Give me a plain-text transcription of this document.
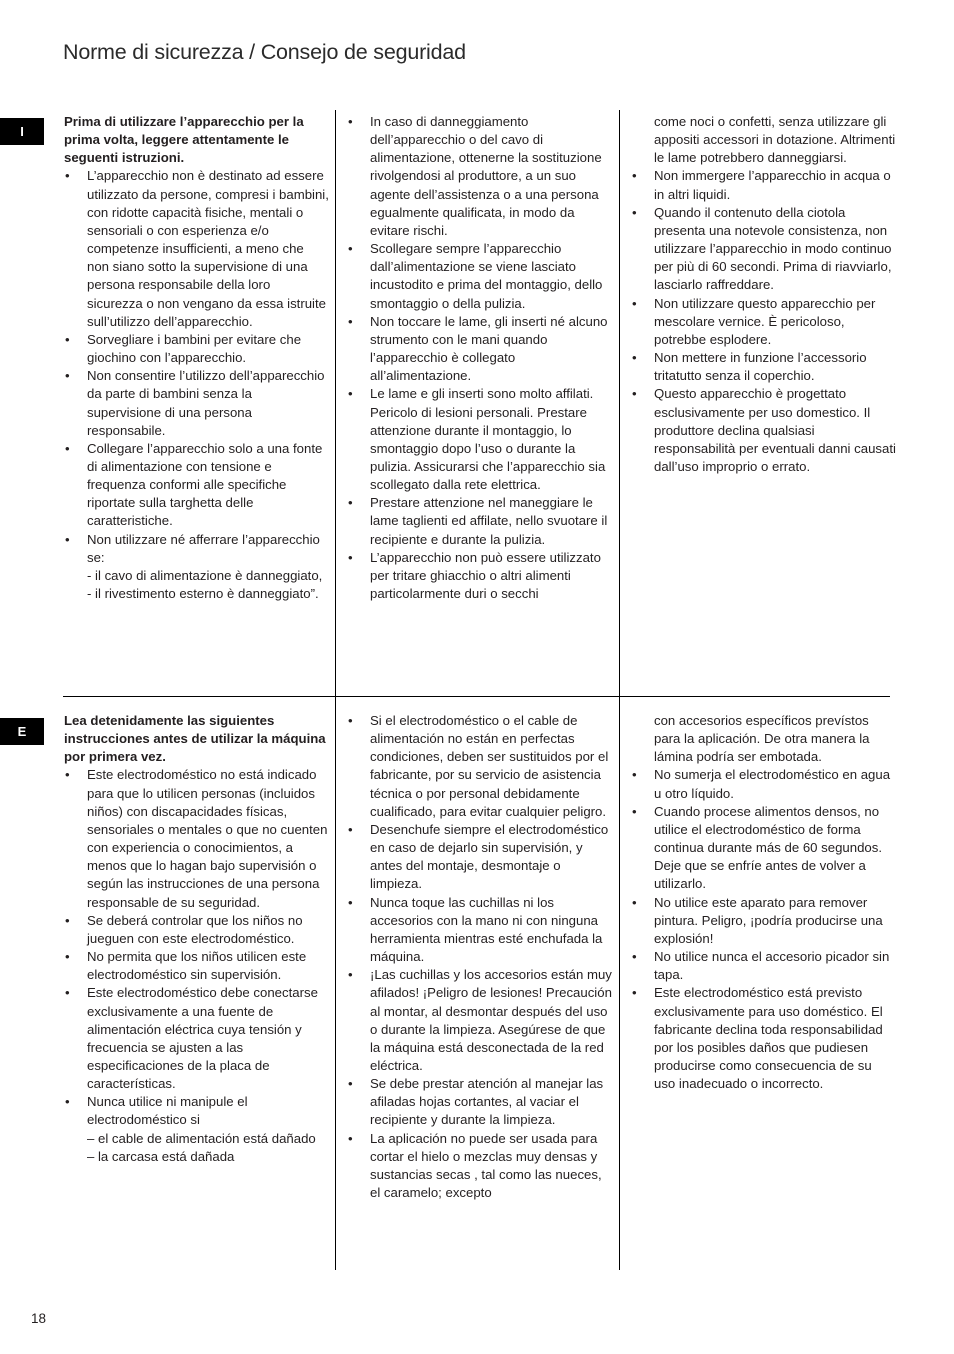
Norme di sicurezza / Consejo de seguridad
I
E

Prima di utilizzare l’apparecchio per la prima volta, leggere attentamente le seguenti istruzioni.

• L’apparecchio non è destinato ad essere utilizzato da persone, compresi i bambini, con ridotte capacità fisiche, mentali o sensoriali o con esperienza e/o competenze insufficienti, a meno che non siano sotto la supervisione di una persona responsabile della loro sicurezza o non vengano da essa istruite sull’utilizzo dell’apparecchio.
• Sorvegliare i bambini per evitare che giochino con l’apparecchio.
• Non consentire l’utilizzo dell’apparecchio da parte di bambini senza la supervisione di una persona responsabile.
• Collegare l’apparecchio solo a una fonte di alimentazione con tensione e frequenza conformi alle specifiche riportate sulla targhetta delle caratteristiche.
• Non utilizzare né afferrare l’apparecchio se:
- il cavo di alimentazione è danneggiato,
- il rivestimento esterno è danneggiato”.
• In caso di danneggiamento dell’apparecchio o del cavo di alimentazione, ottenerne la sostituzione rivolgendosi al produttore, a un suo agente dell’assistenza o a una persona egualmente qualificata, in modo da evitare rischi.
• Scollegare sempre l’apparecchio dall’alimentazione se viene lasciato incustodito e prima del montaggio, dello smontaggio o della pulizia.
• Non toccare le lame, gli inserti né alcuno strumento con le mani quando l’apparecchio è collegato all’alimentazione.
• Le lame e gli inserti sono molto affilati. Pericolo di lesioni personali. Prestare attenzione durante il montaggio, lo smontaggio dopo l’uso o durante la pulizia. Assicurarsi che l’apparecchio sia scollegato dalla rete elettrica.
• Prestare attenzione nel maneggiare le lame taglienti ed affilate, nello svuotare il recipiente e durante la pulizia.
• L’apparecchio non può essere utilizzato per tritare ghiacchio o altri alimenti particolarmente duri o secchi

come noci o confetti, senza utilizzare gli appositi accessori in dotazione. Altrimenti le lame potrebbero danneggiarsi.

• Non immergere l’apparecchio in acqua o in altri liquidi.
• Quando il contenuto della ciotola presenta una notevole consistenza, non utilizzare l’apparecchio in modo continuo per più di 60 secondi. Prima di riavviarlo, lasciarlo raffreddare.
• Non utilizzare questo apparecchio per mescolare vernice. È pericoloso, potrebbe esplodere.
• Non mettere in funzione l’accessorio tritatutto senza il coperchio.
• Questo apparecchio è progettato esclusivamente per uso domestico. Il produttore declina qualsiasi responsabilità per eventuali danni causati dall’uso improprio o errato.

Lea detenidamente las siguientes instrucciones antes de utilizar la máquina por primera vez.

• Este electrodoméstico no está indicado para que lo utilicen personas (incluidos niños) con discapacidades físicas, sensoriales o mentales o que no cuenten con experiencia o conocimientos, a menos que lo hagan bajo supervisión o según las instrucciones de una persona responsable de su seguridad.
• Se deberá controlar que los niños no jueguen con este electrodoméstico.
• No permita que los niños utilicen este electrodoméstico sin supervisión.
• Este electrodoméstico debe conectarse exclusivamente a una fuente de alimentación eléctrica cuya tensión y frecuencia se ajusten a las especificaciones de la placa de características.
• Nunca utilice ni manipule el electrodoméstico si
– el cable de alimentación está dañado
– la carcasa está dañada
• Si el electrodoméstico o el cable de alimentación no están en perfectas condiciones, deben ser sustituidos por el fabricante, por su servicio de asistencia técnica o por personal debidamente cualificado, para evitar cualquier peligro.
• Desenchufe siempre el electrodoméstico en caso de dejarlo sin supervisión, y antes del montaje, desmontaje o limpieza.
• Nunca toque las cuchillas ni los accesorios con la mano ni con ninguna herramienta mientras esté enchufada la máquina.
• ¡Las cuchillas y los accesorios están muy afilados! ¡Peligro de lesiones! Precaución al montar, al desmontar después del uso o durante la limpieza. Asegúrese de que la máquina está desconectada de la red eléctrica.
• Se debe prestar atención al manejar las afiladas hojas cortantes, al vaciar el recipiente y durante la limpieza.
• La aplicación no puede ser usada para cortar el hielo o mezclas muy densas y sustancias secas , tal como las nueces, el caramelo; excepto

con accesorios específicos prevístos para la aplicación. De otra manera la lámina podría ser embotada.

• No sumerja el electrodoméstico en agua u otro líquido.
• Cuando procese alimentos densos, no utilice el electrodoméstico de forma continua durante más de 60 segundos. Deje que se enfríe antes de volver a utilizarlo.
• No utilice este aparato para remover pintura. Peligro, ¡podría producirse una explosión!
• No utilice nunca el accesorio picador sin tapa.
• Este electrodoméstico está previsto exclusivamente para uso doméstico. El fabricante declina toda responsabilidad por los posibles daños que pudiesen producirse como consecuencia de su uso inadecuado o incorrecto.
18
